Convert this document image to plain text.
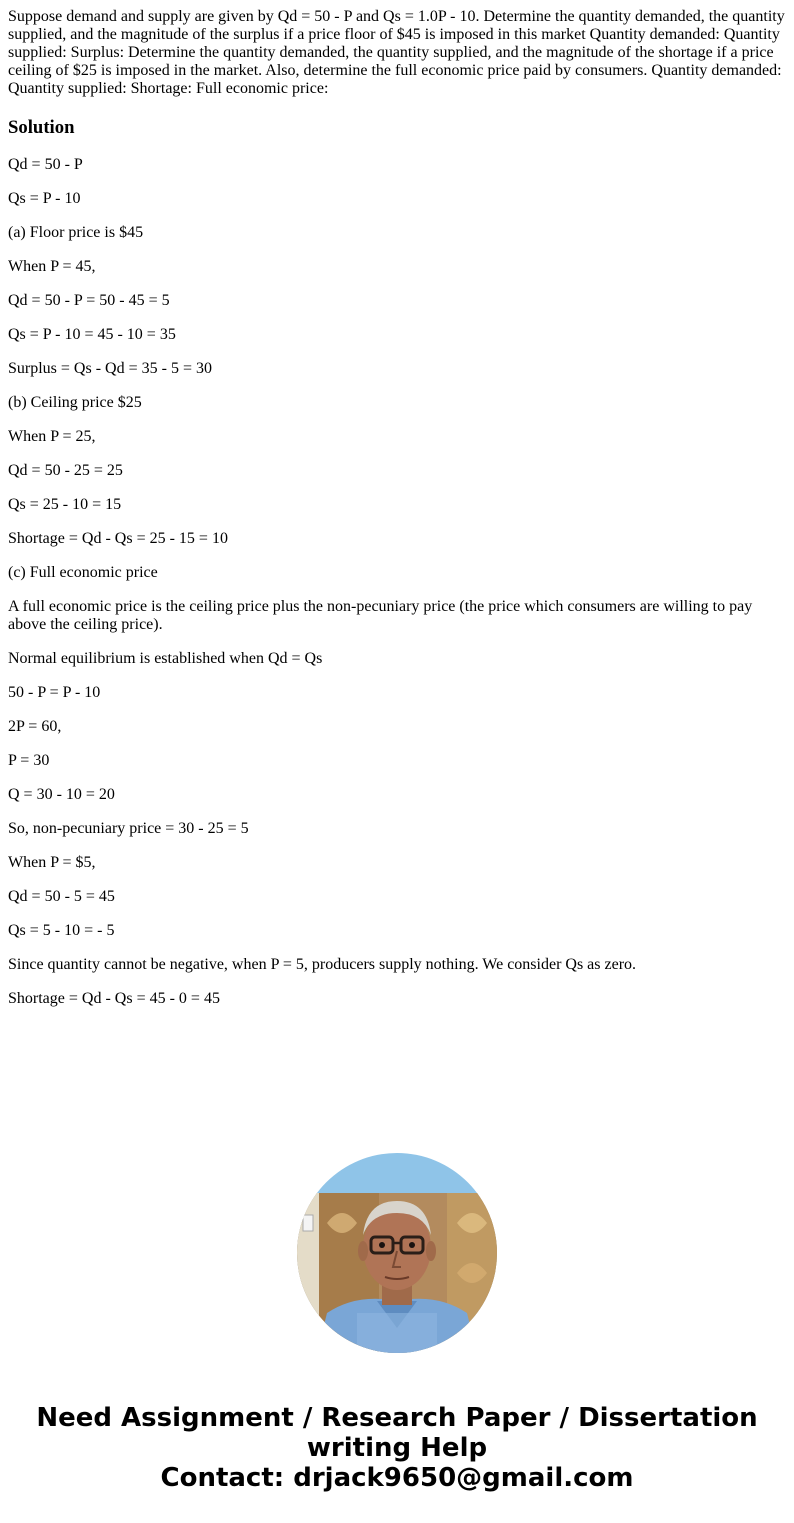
Suppose demand and supply are given by Qd = 50 - P and Qs = 1.0P - 10. Determine the quantity demanded, the quantity supplied, and the magnitude of the surplus if a price floor of $45 is imposed in this market Quantity demanded: Quantity supplied: Surplus: Determine the quantity demanded, the quantity supplied, and the magnitude of the shortage if a price ceiling of $25 is imposed in the market. Also, determine the full economic price paid by consumers. Quantity demanded: Quantity supplied: Shortage: Full economic price:

Solution

Qd = 50 - P

Qs = P - 10

(a) Floor price is $45

When P = 45,

Qd = 50 - P = 50 - 45 = 5

Qs = P - 10 = 45 - 10 = 35

Surplus = Qs - Qd = 35 - 5 = 30

(b) Ceiling price $25

When P = 25,

Qd = 50 - 25 = 25

Qs = 25 - 10 = 15

Shortage = Qd - Qs = 25 - 15 = 10

(c) Full economic price

A full economic price is the ceiling price plus the non-pecuniary price (the price which consumers are willing to pay above the ceiling price).

Normal equilibrium is established when Qd = Qs

50 - P = P - 10

2P = 60,

P = 30

Q = 30 - 10 = 20

So, non-pecuniary price = 30 - 25 = 5

When P = $5,

Qd = 50 - 5 = 45

Qs = 5 - 10 = - 5

Since quantity cannot be negative, when P = 5, producers supply nothing. We consider Qs as zero.

Shortage = Qd - Qs = 45 - 0 = 45

Need Assignment / Research Paper / Dissertation
writing Help
Contact: drjack9650@gmail.com
